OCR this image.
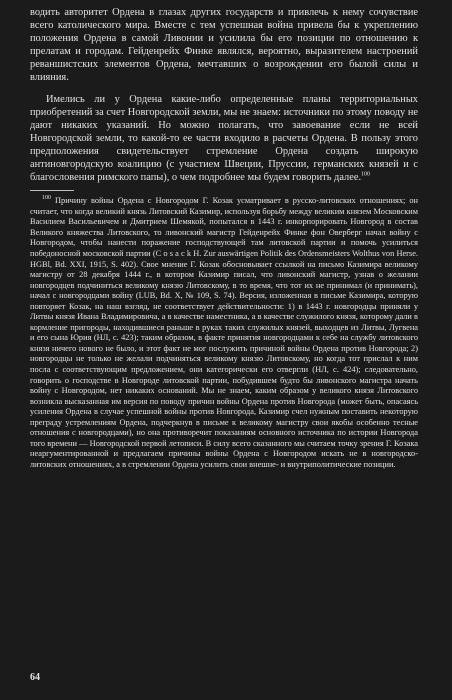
водить авторитет Ордена в глазах других государств и привлечь к нему сочувствие всего католического мира. Вместе с тем успешная война привела бы к укреплению положения Ордена в самой Ливонии и усилила бы его позиции по отношению к прелатам и городам. Гейденрейх Финке являлся, вероятно, выразителем настроений реваншистских элементов Ордена, мечтавших о возрождении его былой силы и влияния.

Имелись ли у Ордена какие-либо определенные планы территориальных приобретений за счет Новгородской земли, мы не знаем: источники по этому поводу не дают никаких указаний. Но можно полагать, что завоевание если не всей Новгородской земли, то какой-то ее части входило в расчеты Ордена. В пользу этого предположения свидетельствует стремление Ордена создать широкую антиновгородскую коалицию (с участием Швеции, Пруссии, германских князей и с благословения римского папы), о чем подробнее мы будем говорить далее.$^{100}$

$^{100}$ Причину войны Ордена с Новгородом Г. Козак усматривает в русско-литовских отношениях; он считает, что когда великий князь Литовский Казимир, используя борьбу между великим князем Московским Василием Васильевичем и Дмитрием Шемякой, попытался в 1443 г. инкорпорировать Новгород в состав Великого княжества Литовского, то ливонский магистр Гейденрейх Финке фон Оверберг начал войну с Новгородом, чтобы нанести поражение господствующей там литовской партии и помочь усилиться победоносной московской партии (C o s a c k H. Zur auswärtigen Politik des Ordensmeisters Wolthus von Herse. HGBl, Bd. XXI, 1915, S. 402). Свое мнение Г. Козак обосновывает ссылкой на письмо Казимира великому магистру от 28 декабря 1444 г., в котором Казимир писал, что ливонский магистр, узнав о желании новгородцев подчиниться великому князю Литовскому, в то время, что тот их не принимал (и принимать), начал с новгородцами войну (LUB, Bd. X, № 109, S. 74). Версия, изложенная в письме Казимира, которую повторяет Козак, на наш взгляд, не соответствует действительности: 1) в 1443 г. новгородцы приняли у Литвы князя Ивана Владимировича, а в качестве наместника, а в качестве служилого князя, которому дали в кормление пригороды, находившиеся раньше в руках таких служилых князей, выходцев из Литвы, Лугвена и его сына Юрия (НЛ, с. 423); таким образом, в факте принятия новгородцами к себе на службу литовского князя ничего нового не было, и этот факт не мог послужить причиной войны Ордена против Новгорода; 2) новгородцы не только не желали подчиняться великому князю Литовскому, но когда тот прислал к ним посла с соответствующим предложением, они категорически его отвергли (НЛ, с. 424); следовательно, говорить о господстве в Новгороде литовской партии, побудившем будто бы ливонского магистра начать войну с Новгородом, нет никаких оснований. Мы не знаем, каким образом у великого князя Литовского возникла высказанная им версия по поводу причин войны Ордена против Новгорода (может быть, опасаясь усиления Ордена в случае успешной войны против Новгорода, Казимир счел нужным поставить некоторую преграду устремлениям Ордена, подчеркнув в письме к великому магистру свои якобы особенно тесные отношения с новгородцами), но она противоречит показаниям основного источника по истории Новгорода того времени — Новгородской первой летописи. В силу всего сказанного мы считаем точку зрения Г. Козака неаргументированной и предлагаем причины войны Ордена с Новгородом искать не в новгородско-литовских отношениях, а в стремлении Ордена усилить свои внешне- и внутриполитические позиции.

64
